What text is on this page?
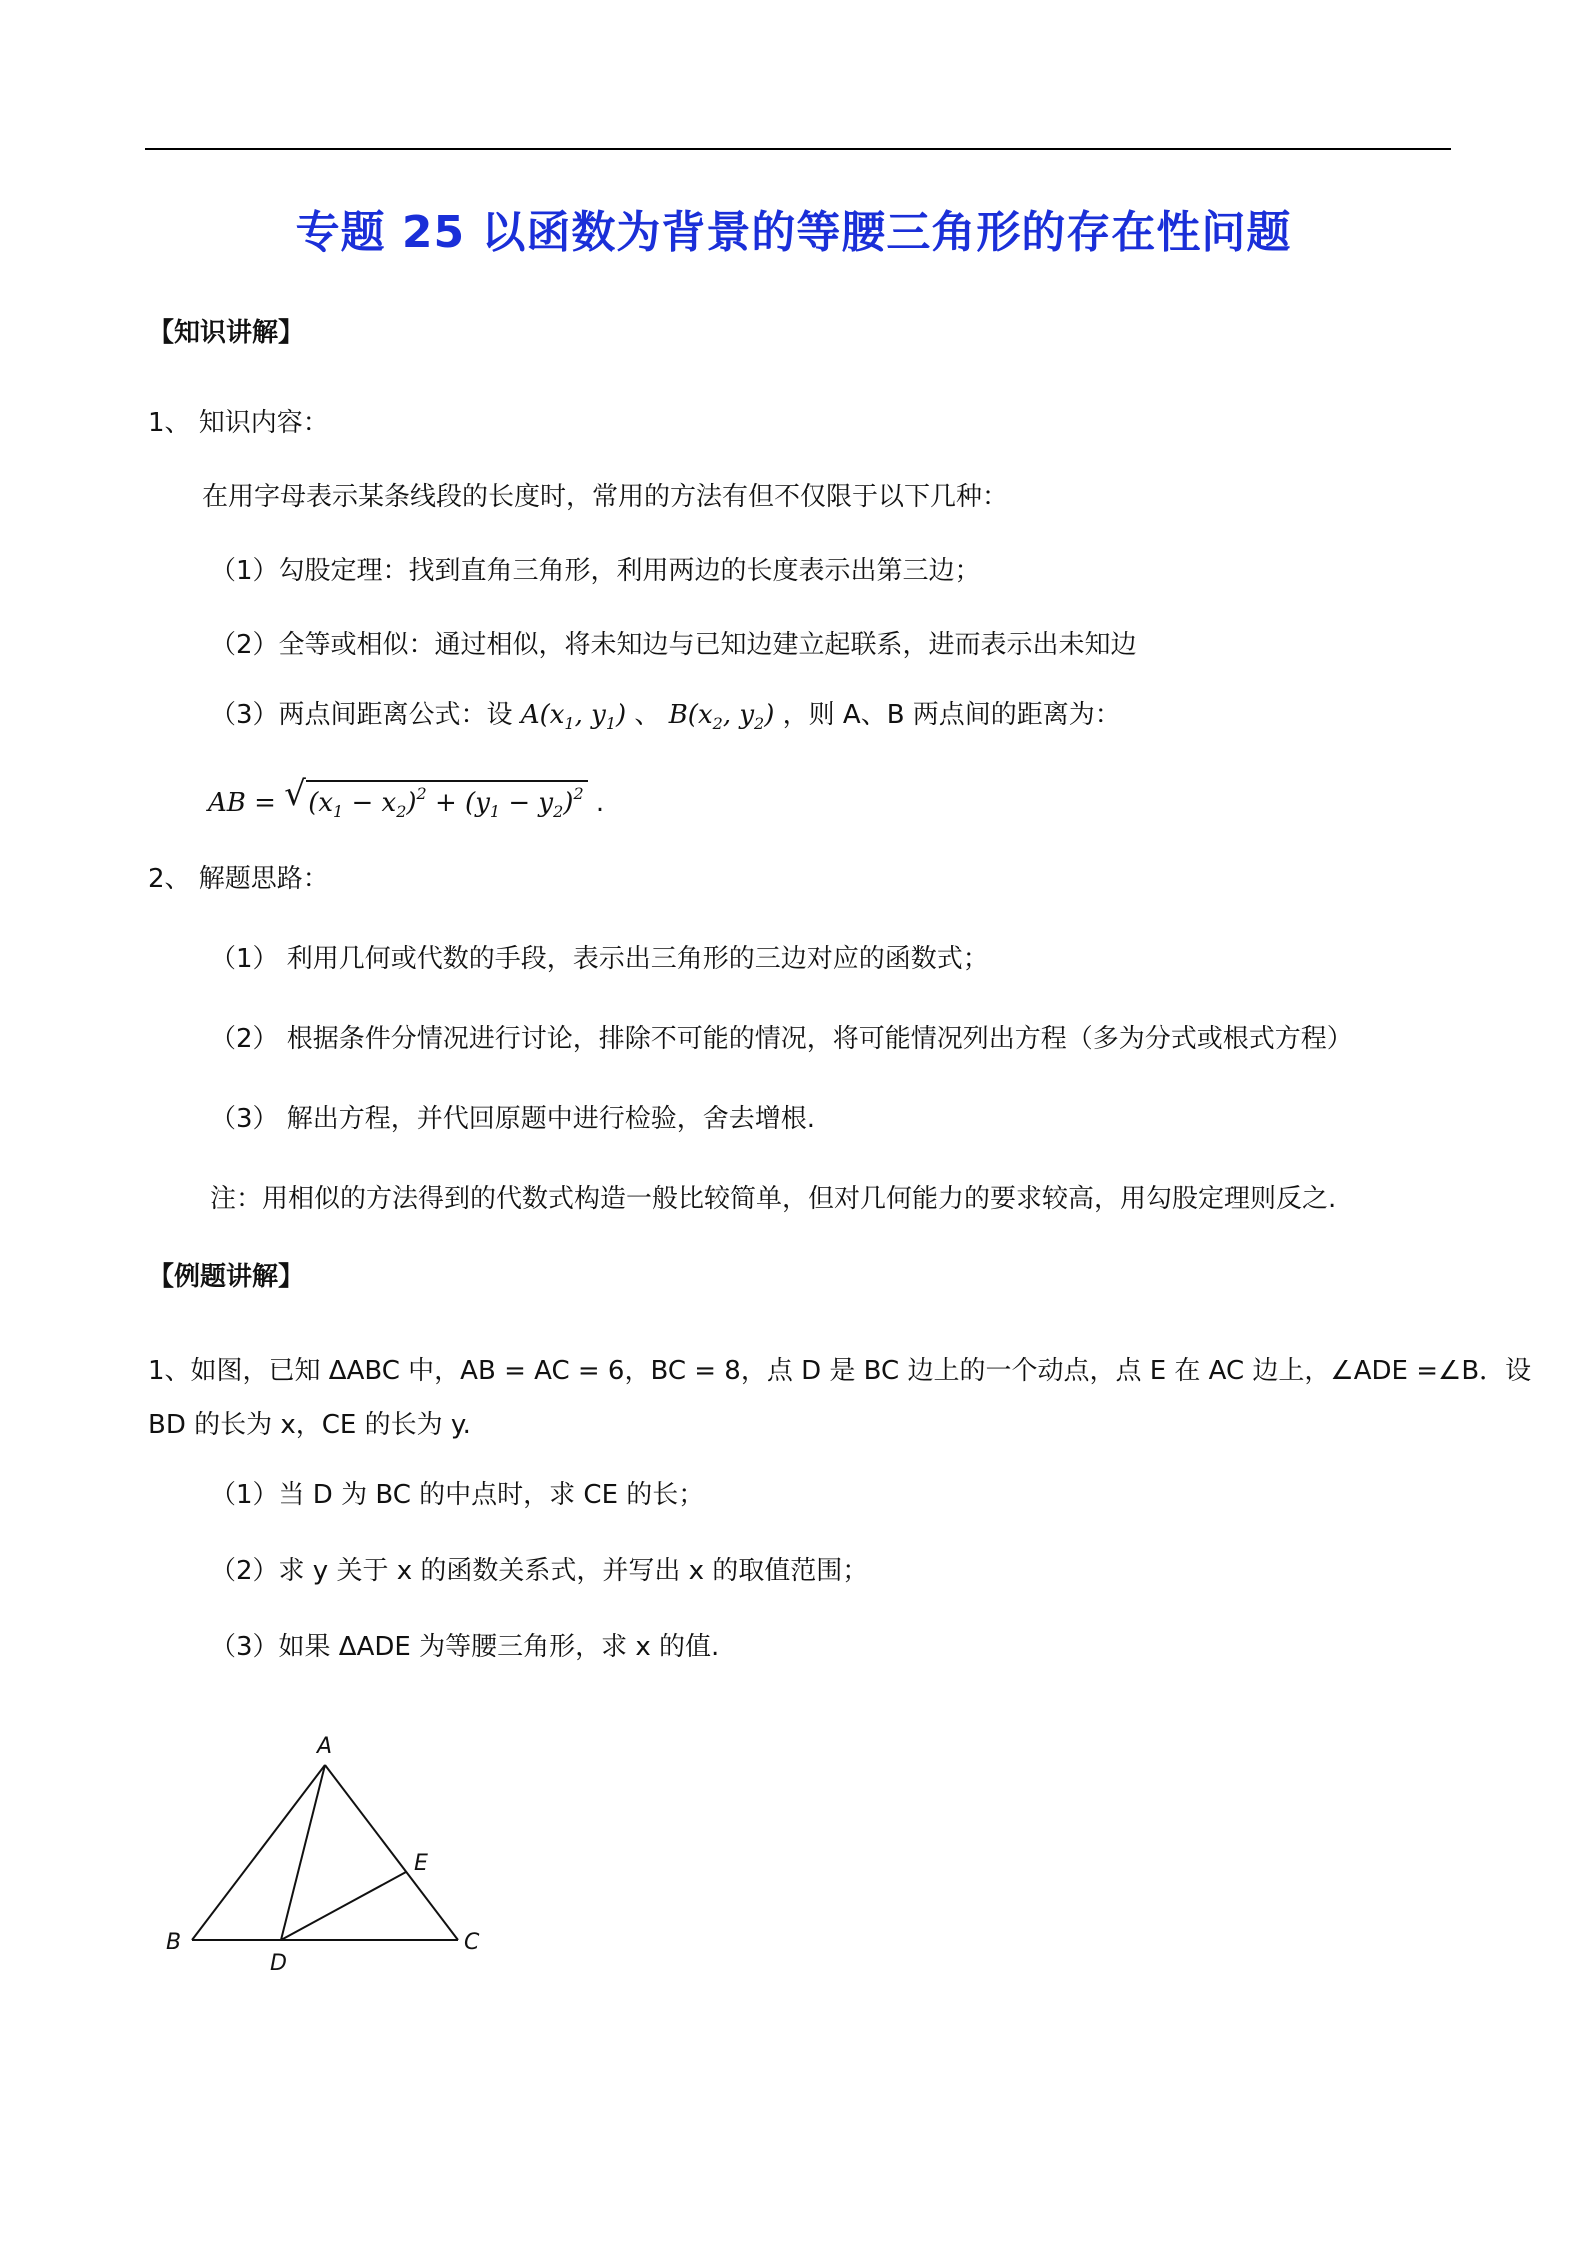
专题 25 以函数为背景的等腰三角形的存在性问题
【知识讲解】
1、 知识内容：
在用字母表示某条线段的长度时，常用的方法有但不仅限于以下几种：
（1）勾股定理：找到直角三角形，利用两边的长度表示出第三边；
（2）全等或相似：通过相似，将未知边与已知边建立起联系，进而表示出未知边
（3）两点间距离公式：设 $A(x_1$, $y_1$) 、 $B(x_2$, $y_2$) ，则 A、B 两点间的距离为：
AB = √ $(x_1 - x_2)^2 + (y_1 - y_2)^2$ .
2、 解题思路：
（1） 利用几何或代数的手段，表示出三角形的三边对应的函数式；
（2） 根据条件分情况进行讨论，排除不可能的情况，将可能情况列出方程（多为分式或根式方程）
（3） 解出方程，并代回原题中进行检验，舍去增根.
注：用相似的方法得到的代数式构造一般比较简单，但对几何能力的要求较高，用勾股定理则反之.
【例题讲解】
1、如图，已知 ΔABC 中，AB = AC = 6，BC = 8，点 D 是 BC 边上的一个动点，点 E 在 AC 边上，∠ADE =∠B．设
BD 的长为 x，CE 的长为 y.
（1）当 D 为 BC 的中点时，求 CE 的长；
（2）求 y 关于 x 的函数关系式，并写出 x 的取值范围；
（3）如果 ΔADE 为等腰三角形，求 x 的值.
A
B	C
D
E
